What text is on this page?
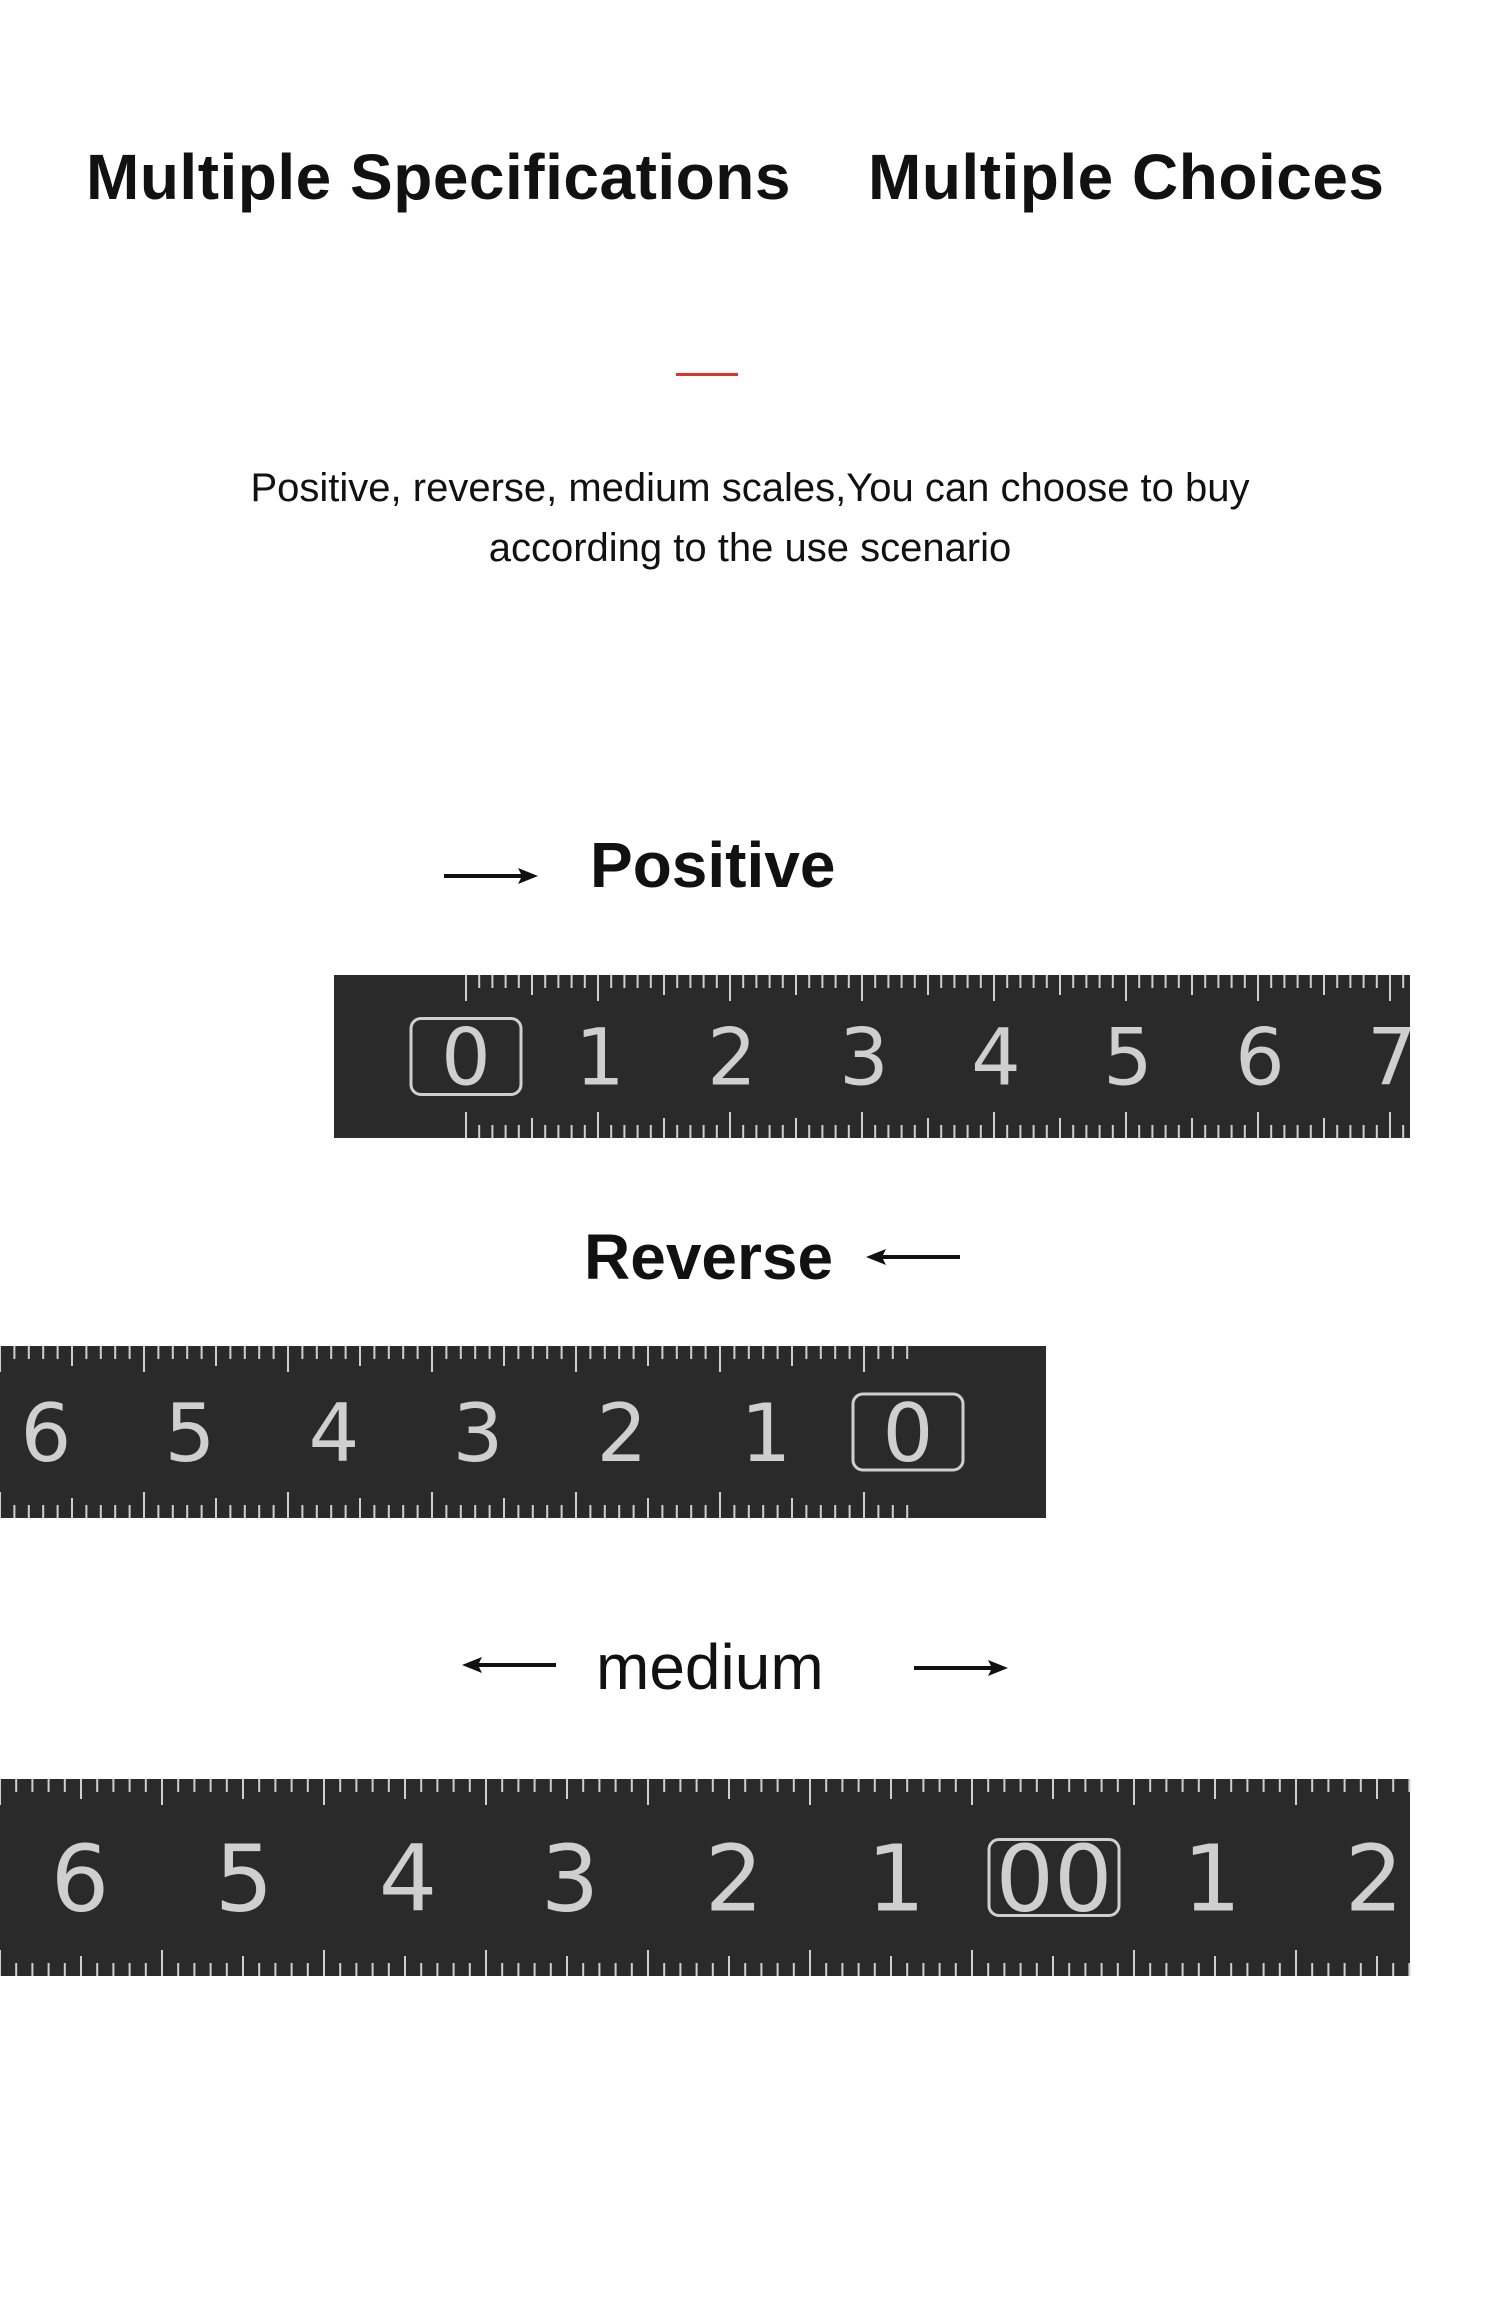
Multiple Specifications Multiple Choices
Positive, reverse, medium scales,You can choose to buy
according to the use scenario
Positive
0 1 2 3 4 5 6 7
Reverse
6 5 4 3 2 1 0
medium
6 5 4 3 2 1 00 1 2
